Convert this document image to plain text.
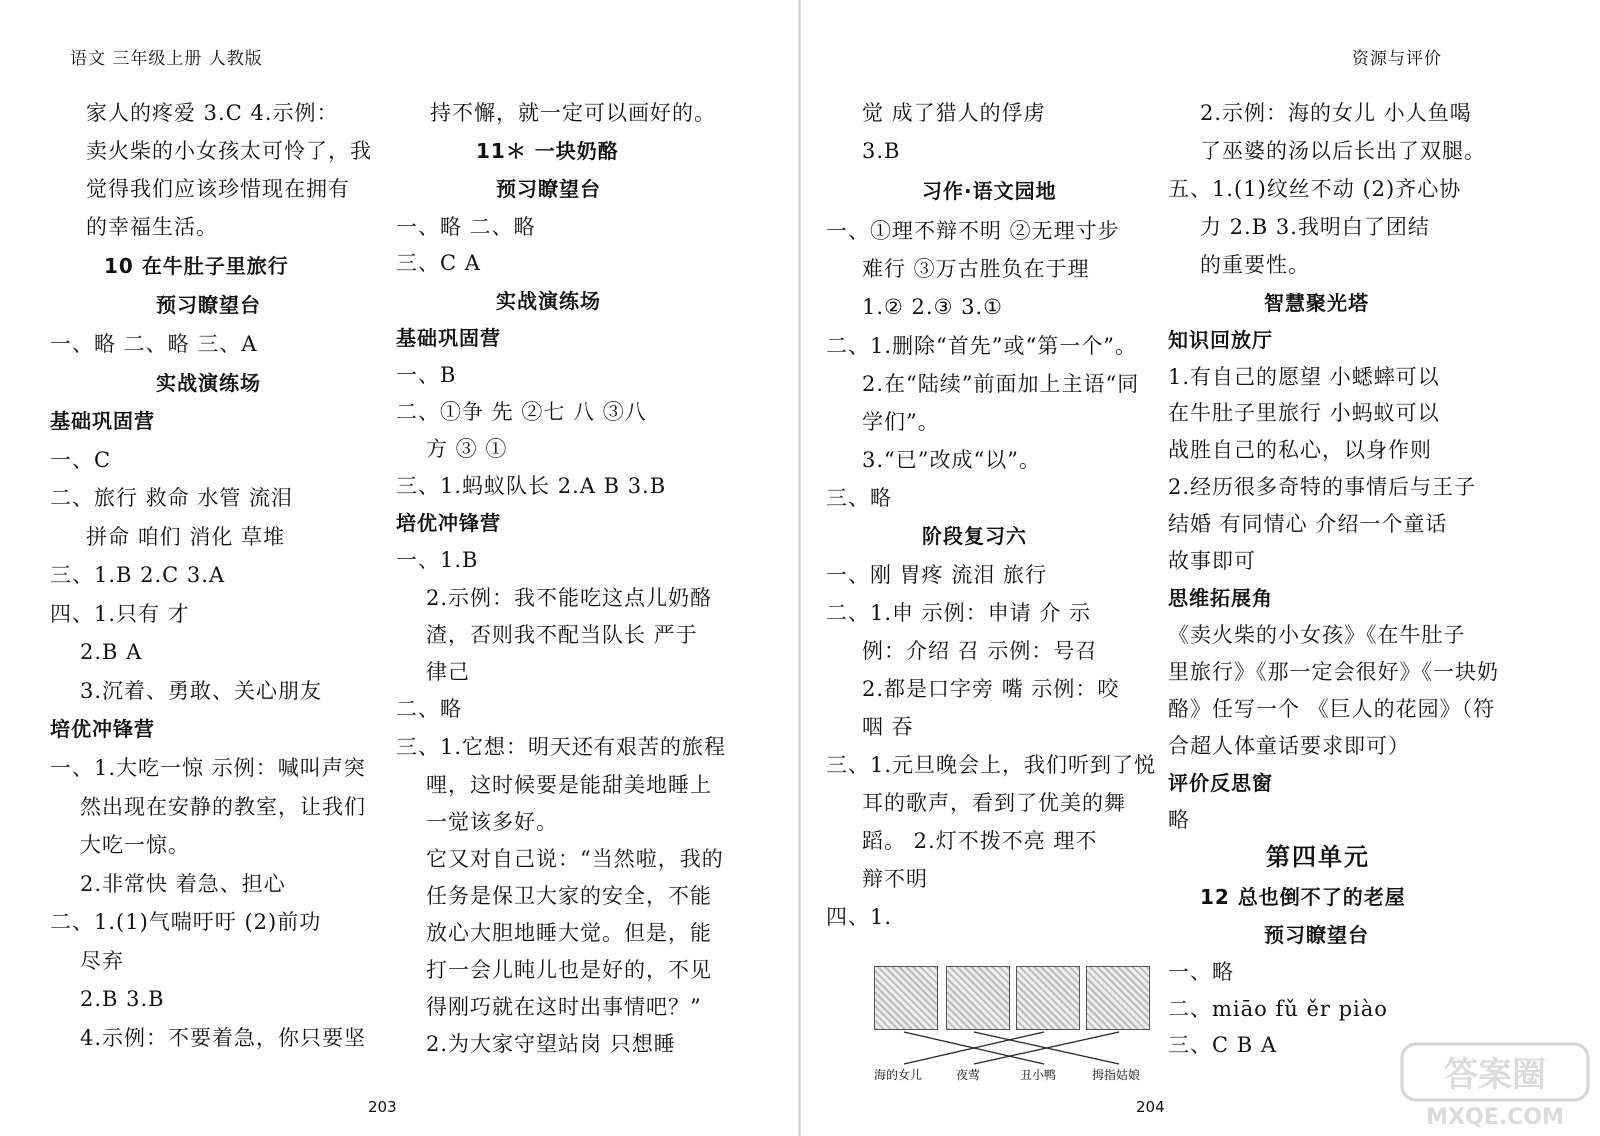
语文 三年级上册 人教版	资源与评价
家人的疼爱 3.C 4.示例：
卖火柴的小女孩太可怜了，我
觉得我们应该珍惜现在拥有
的幸福生活。
10 在牛肚子里旅行
预习瞭望台
一、略 二、略 三、A
实战演练场
基础巩固营
一、C
二、旅行 救命 水管 流泪
拼命 咱们 消化 草堆
三、1.B 2.C 3.A
四、1.只有 才
2.B A
3.沉着、勇敢、关心朋友
培优冲锋营
一、1.大吃一惊 示例：喊叫声突
然出现在安静的教室，让我们
大吃一惊。
2.非常快 着急、担心
二、1.(1)气喘吁吁 (2)前功
尽弃
2.B 3.B
4.示例：不要着急，你只要坚
持不懈，就一定可以画好的。
11＊ 一块奶酪
预习瞭望台
一、略 二、略
三、C A
实战演练场
基础巩固营
一、B
二、①争 先 ②七 八 ③八
方 ③ ①
三、1.蚂蚁队长 2.A B 3.B
培优冲锋营
一、1.B
2.示例：我不能吃这点儿奶酪
渣，否则我不配当队长 严于
律己
二、略
三、1.它想：明天还有艰苦的旅程
哩，这时候要是能甜美地睡上
一觉该多好。
它又对自己说：“当然啦，我的
任务是保卫大家的安全，不能
放心大胆地睡大觉。但是，能
打一会儿盹儿也是好的，不见
得刚巧就在这时出事情吧？”
2.为大家守望站岗 只想睡
觉 成了猎人的俘虏
3.B
习作·语文园地
一、①理不辩不明 ②无理寸步
难行 ③万古胜负在于理
1.② 2.③ 3.①
二、1.删除“首先”或“第一个”。
2.在“陆续”前面加上主语“同
学们”。
3.“已”改成“以”。
三、略
阶段复习六
一、刚 胃疼 流泪 旅行
二、1.申 示例：申请 介 示
例：介绍 召 示例：号召
2.都是口字旁 嘴 示例：咬
咽 吞
三、1.元旦晚会上，我们听到了悦
耳的歌声，看到了优美的舞
蹈。 2.灯不拨不亮 理不
辩不明
四、1.
海的女儿	夜莺	丑小鸭	拇指姑娘
2.示例：海的女儿 小人鱼喝
了巫婆的汤以后长出了双腿。
五、1.(1)纹丝不动 (2)齐心协
力 2.B 3.我明白了团结
的重要性。
智慧聚光塔
知识回放厅
1.有自己的愿望 小蟋蟀可以
在牛肚子里旅行 小蚂蚁可以
战胜自己的私心，以身作则
2.经历很多奇特的事情后与王子
结婚 有同情心 介绍一个童话
故事即可
思维拓展角
《卖火柴的小女孩》《在牛肚子
里旅行》《那一定会很好》《一块奶
酪》任写一个 《巨人的花园》（符
合超人体童话要求即可）
评价反思窗
略
第四单元
12 总也倒不了的老屋
预习瞭望台
一、略
二、miāo fǔ ěr piào
三、C B A
203	204
答案圈
MXQE.COM
